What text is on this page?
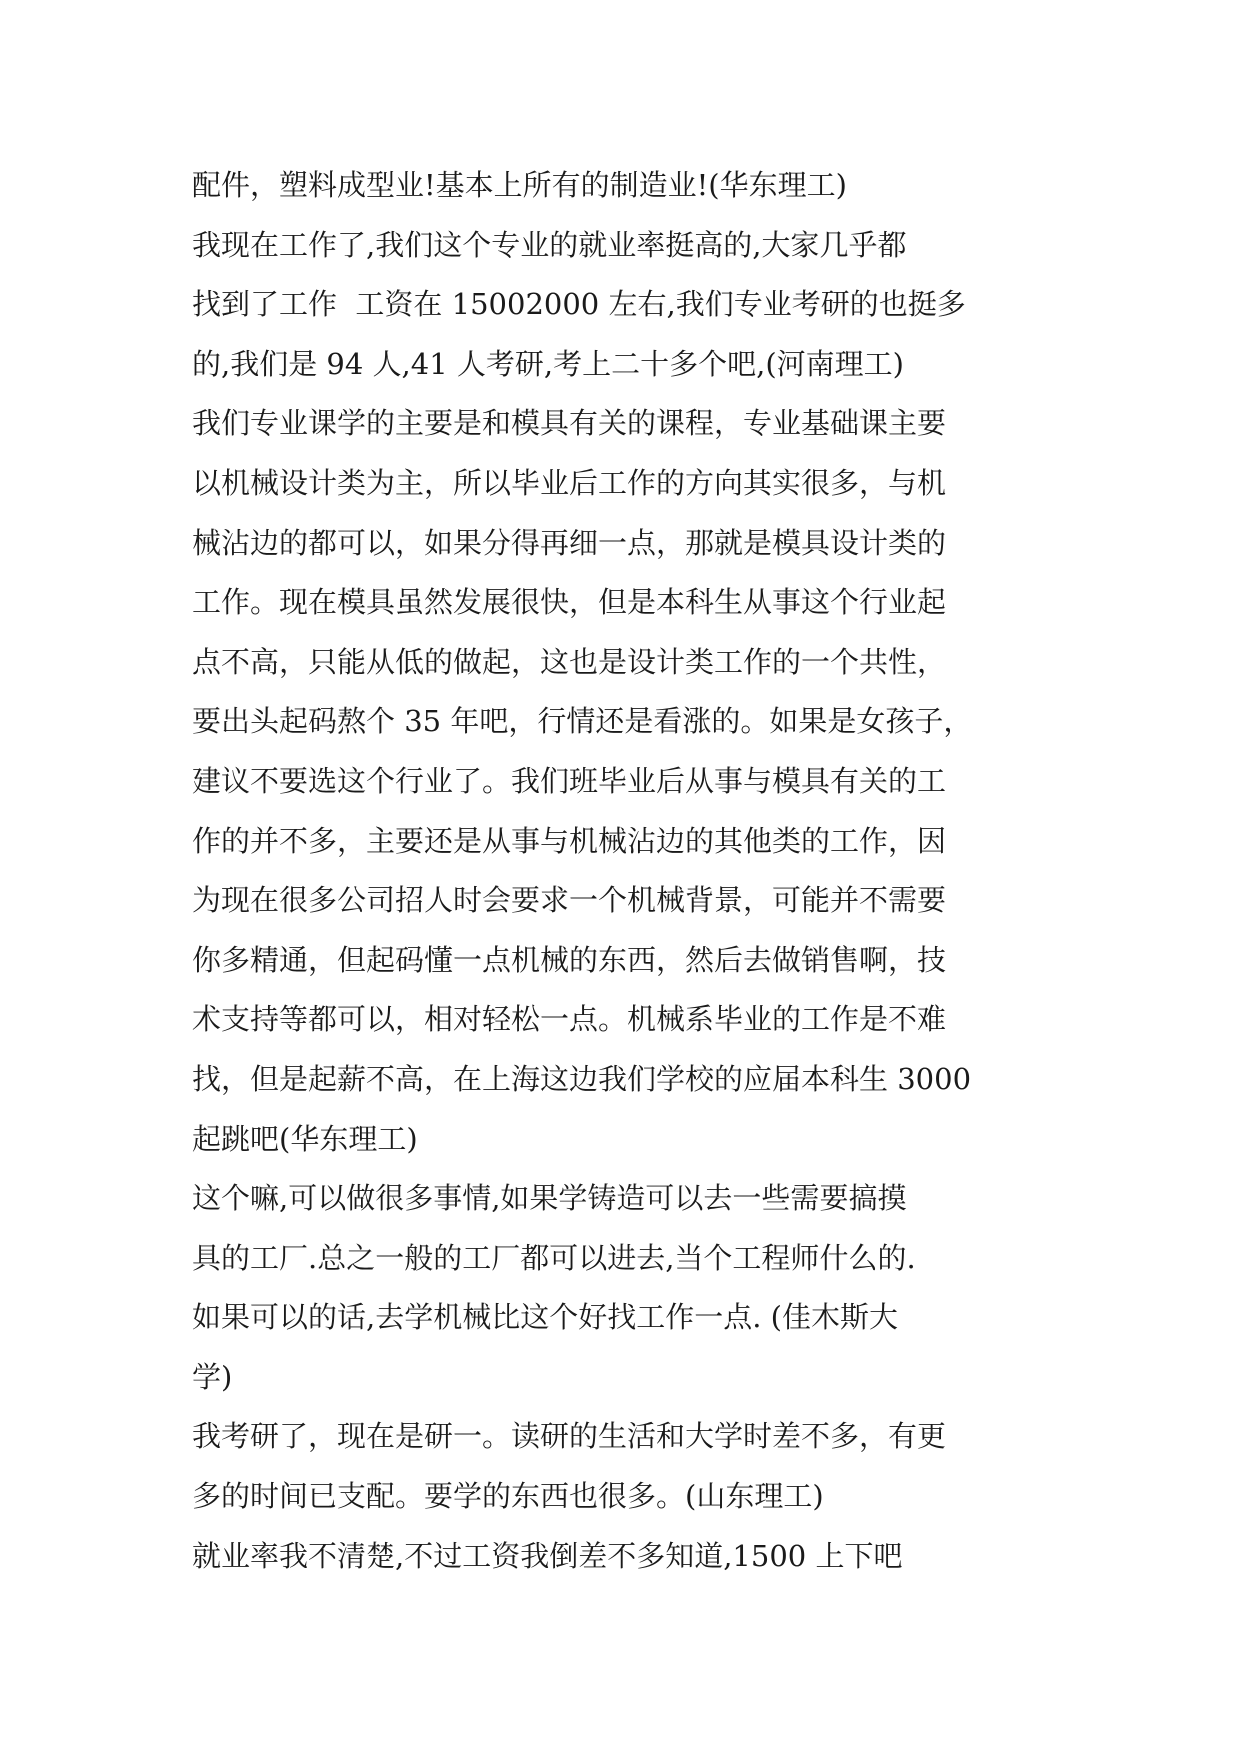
配件，塑料成型业!基本上所有的制造业!(华东理工)
我现在工作了,我们这个专业的就业率挺高的,大家几乎都
找到了工作  工资在 15002000 左右,我们专业考研的也挺多
的,我们是 94 人,41 人考研,考上二十多个吧,(河南理工)
我们专业课学的主要是和模具有关的课程，专业基础课主要
以机械设计类为主，所以毕业后工作的方向其实很多，与机
械沾边的都可以，如果分得再细一点，那就是模具设计类的
工作。现在模具虽然发展很快，但是本科生从事这个行业起
点不高，只能从低的做起，这也是设计类工作的一个共性，
要出头起码熬个 35 年吧，行情还是看涨的。如果是女孩子，
建议不要选这个行业了。我们班毕业后从事与模具有关的工
作的并不多，主要还是从事与机械沾边的其他类的工作，因
为现在很多公司招人时会要求一个机械背景，可能并不需要
你多精通，但起码懂一点机械的东西，然后去做销售啊，技
术支持等都可以，相对轻松一点。机械系毕业的工作是不难
找，但是起薪不高，在上海这边我们学校的应届本科生 3000
起跳吧(华东理工)
这个嘛,可以做很多事情,如果学铸造可以去一些需要搞摸
具的工厂.总之一般的工厂都可以进去,当个工程师什么的.
如果可以的话,去学机械比这个好找工作一点. (佳木斯大
学)
我考研了，现在是研一。读研的生活和大学时差不多，有更
多的时间已支配。要学的东西也很多。(山东理工)
就业率我不清楚,不过工资我倒差不多知道,1500 上下吧
